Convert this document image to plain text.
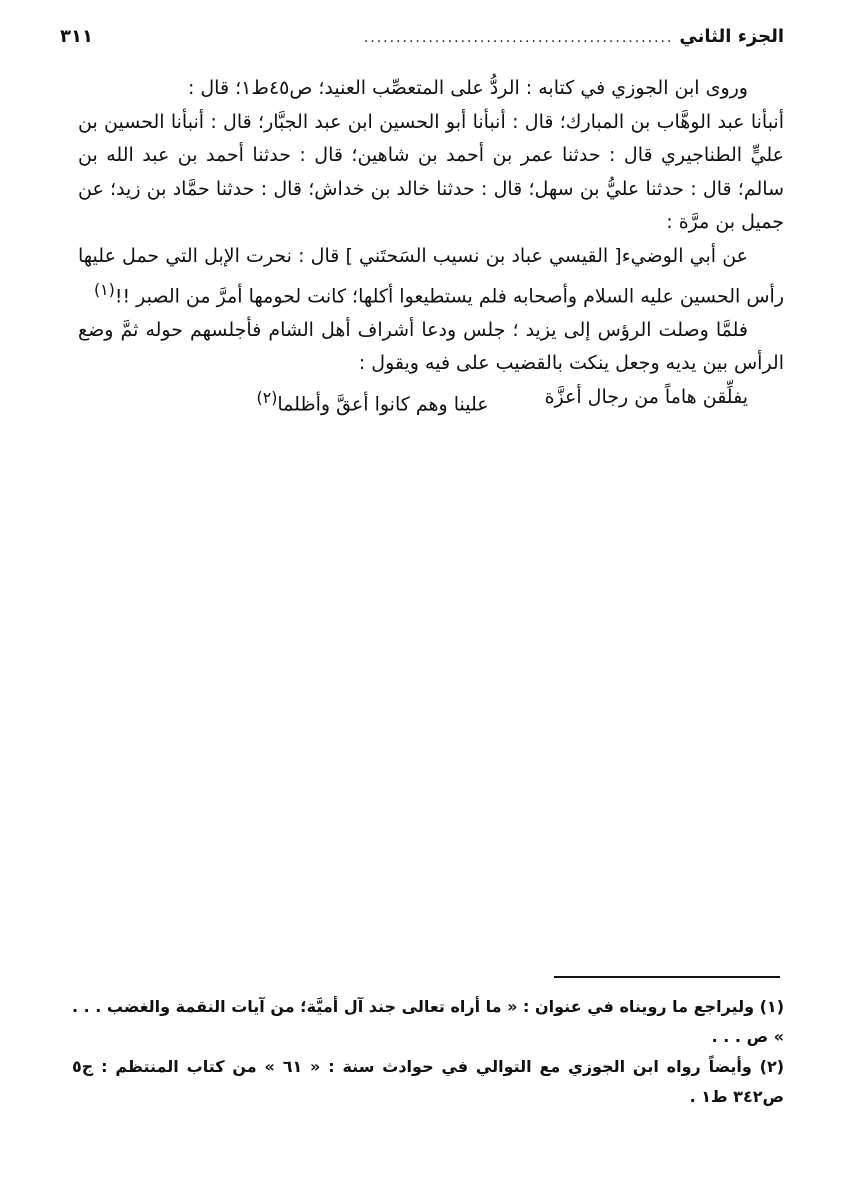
الجزء الثاني
................................................
٣١١

وروى ابن الجوزي في كتابه : الردُّ على المتعصِّب العنيد؛ ص٤٥ط١؛ قال :

أنبأنا عبد الوهَّاب بن المبارك؛ قال : أنبأنا أبو الحسين ابن عبد الجبَّار؛ قال : أنبأنا الحسين بن عليٍّ الطناجيري قال : حدثنا عمر بن أحمد بن شاهين؛ قال : حدثنا أحمد بن عبد الله بن سالم؛ قال : حدثنا عليُّ بن سهل؛ قال : حدثنا خالد بن خداش؛ قال : حدثنا حمَّاد بن زيد؛ عن جميل بن مرَّة :

عن أبي الوضيء[ القيسي عباد بن نسيب السَحتَني ] قال : نحرت الإبل التي حمل عليها رأس الحسين عليه السلام وأصحابه فلم يستطيعوا أكلها؛ كانت لحومها أمرَّ من الصبر !!$^{(١)}$

فلمَّا وصلت الرؤس إلى يزيد ؛ جلس ودعا أشراف أهل الشام فأجلسهم حوله ثمَّ وضع الرأس بين يديه وجعل ينكت بالقضيب على فيه ويقول :

يفلِّقن هاماً من رجال أعزَّة
علينا وهم كانوا أعقَّ وأظلما$^{(٢)}$

(١) وليراجع ما رويناه في عنوان : « ما أراه تعالى جند آل أميَّة؛ من آيات النقمة والغضب . . . » ص . . .

(٢) وأيضاً رواه ابن الجوزي مع التوالي في حوادث سنة : « ٦١ » من كتاب المنتظم : ج٥ ص٣٤٢ ط١ .
